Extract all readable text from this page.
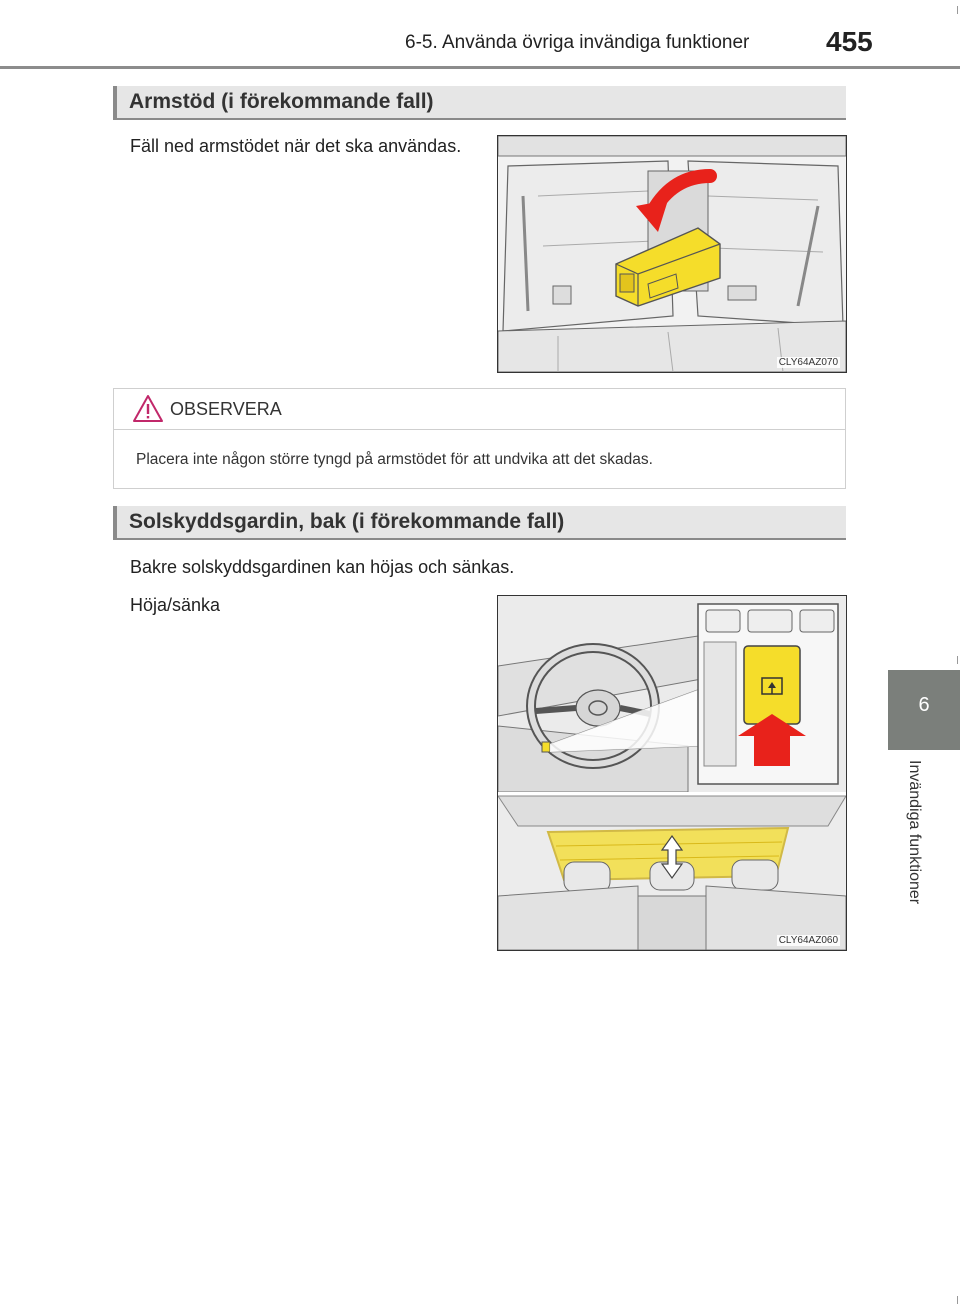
6-5. Använda övriga invändiga funktioner	455
Armstöd (i förekommande fall)
Fäll ned armstödet när det ska användas.
CLY64AZ070
OBSERVERA
Placera inte någon större tyngd på armstödet för att undvika att det skadas.
Solskyddsgardin, bak (i förekommande fall)
Bakre solskyddsgardinen kan höjas och sänkas.
Höja/sänka
CLY64AZ060
6
Invändiga funktioner
